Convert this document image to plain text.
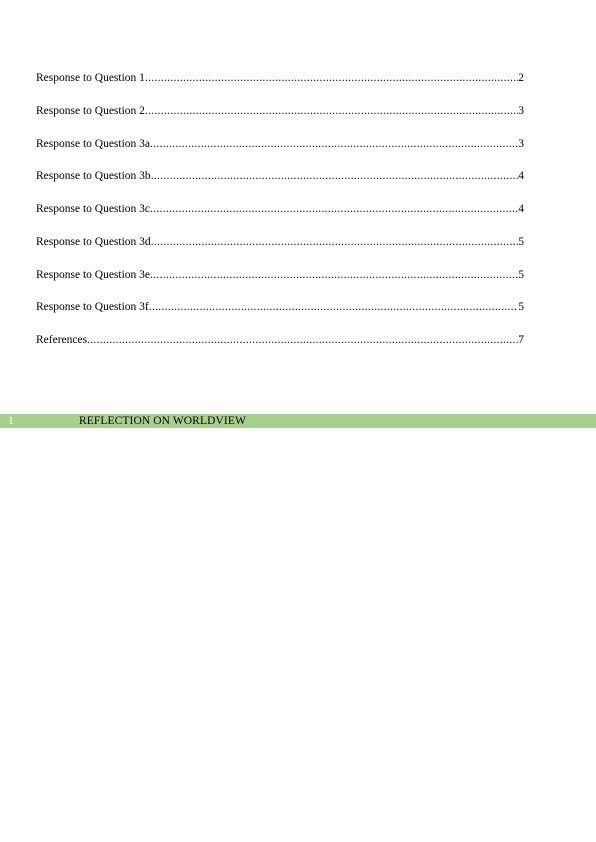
Response to Question 1 .....	2
Response to Question 2 .....	3
Response to Question 3a .....	3
Response to Question 3b .....	4
Response to Question 3c .....	4
Response to Question 3d .....	5
Response to Question 3e .....	5
Response to Question 3f .....	5
References .....	7
1	REFLECTION ON WORLDVIEW
